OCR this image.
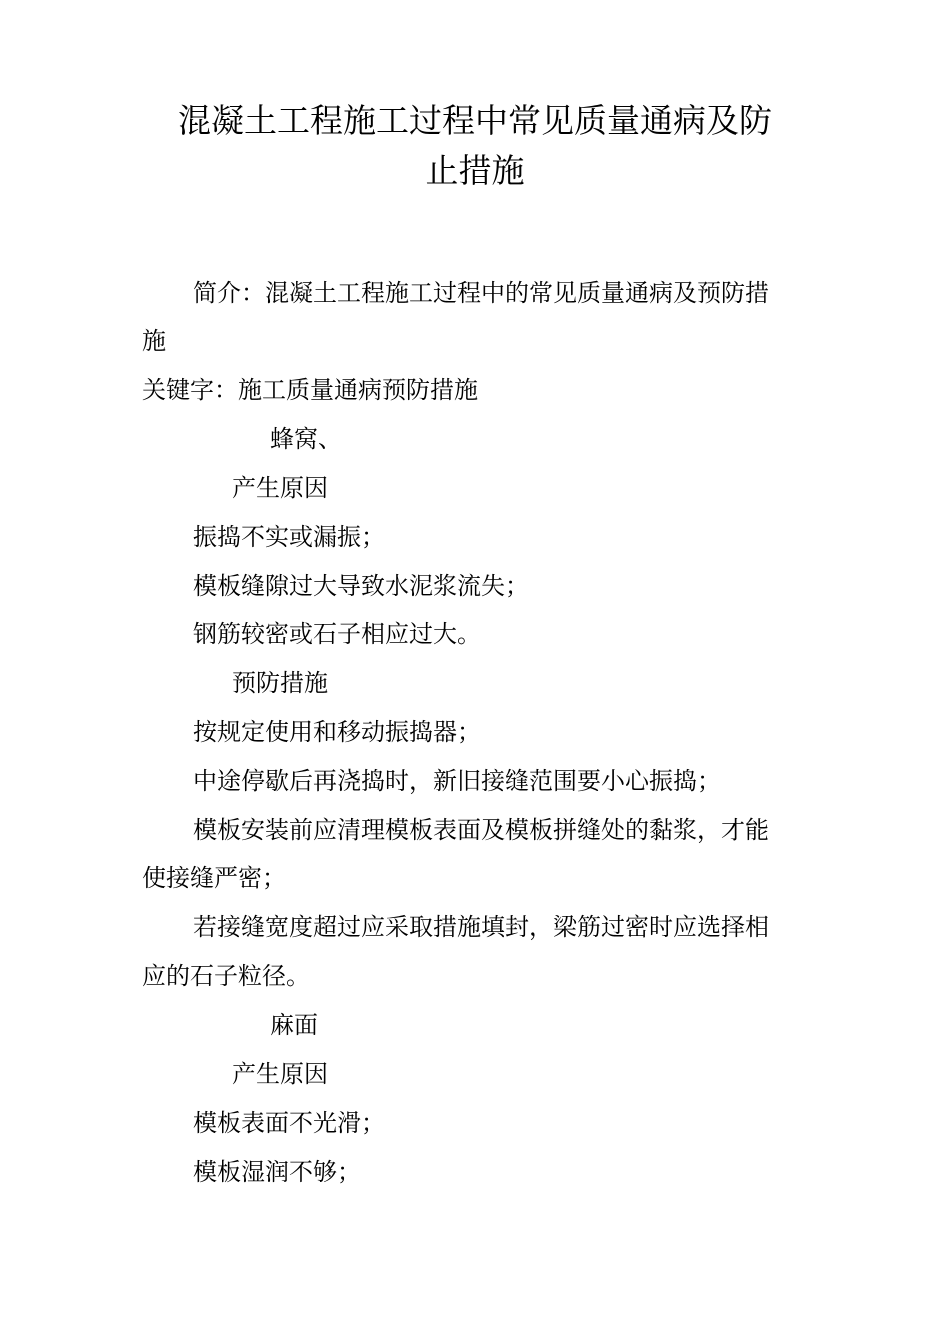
混凝土工程施工过程中常见质量通病及防
止措施
简介：混凝土工程施工过程中的常见质量通病及预防措
施
关键字：施工质量通病预防措施
蜂窝、
产生原因
振捣不实或漏振；
模板缝隙过大导致水泥浆流失；
钢筋较密或石子相应过大。
预防措施
按规定使用和移动振捣器；
中途停歇后再浇捣时，新旧接缝范围要小心振捣；
模板安装前应清理模板表面及模板拼缝处的黏浆，才能
使接缝严密；
若接缝宽度超过应采取措施填封，梁筋过密时应选择相
应的石子粒径。
麻面
产生原因
模板表面不光滑；
模板湿润不够；
